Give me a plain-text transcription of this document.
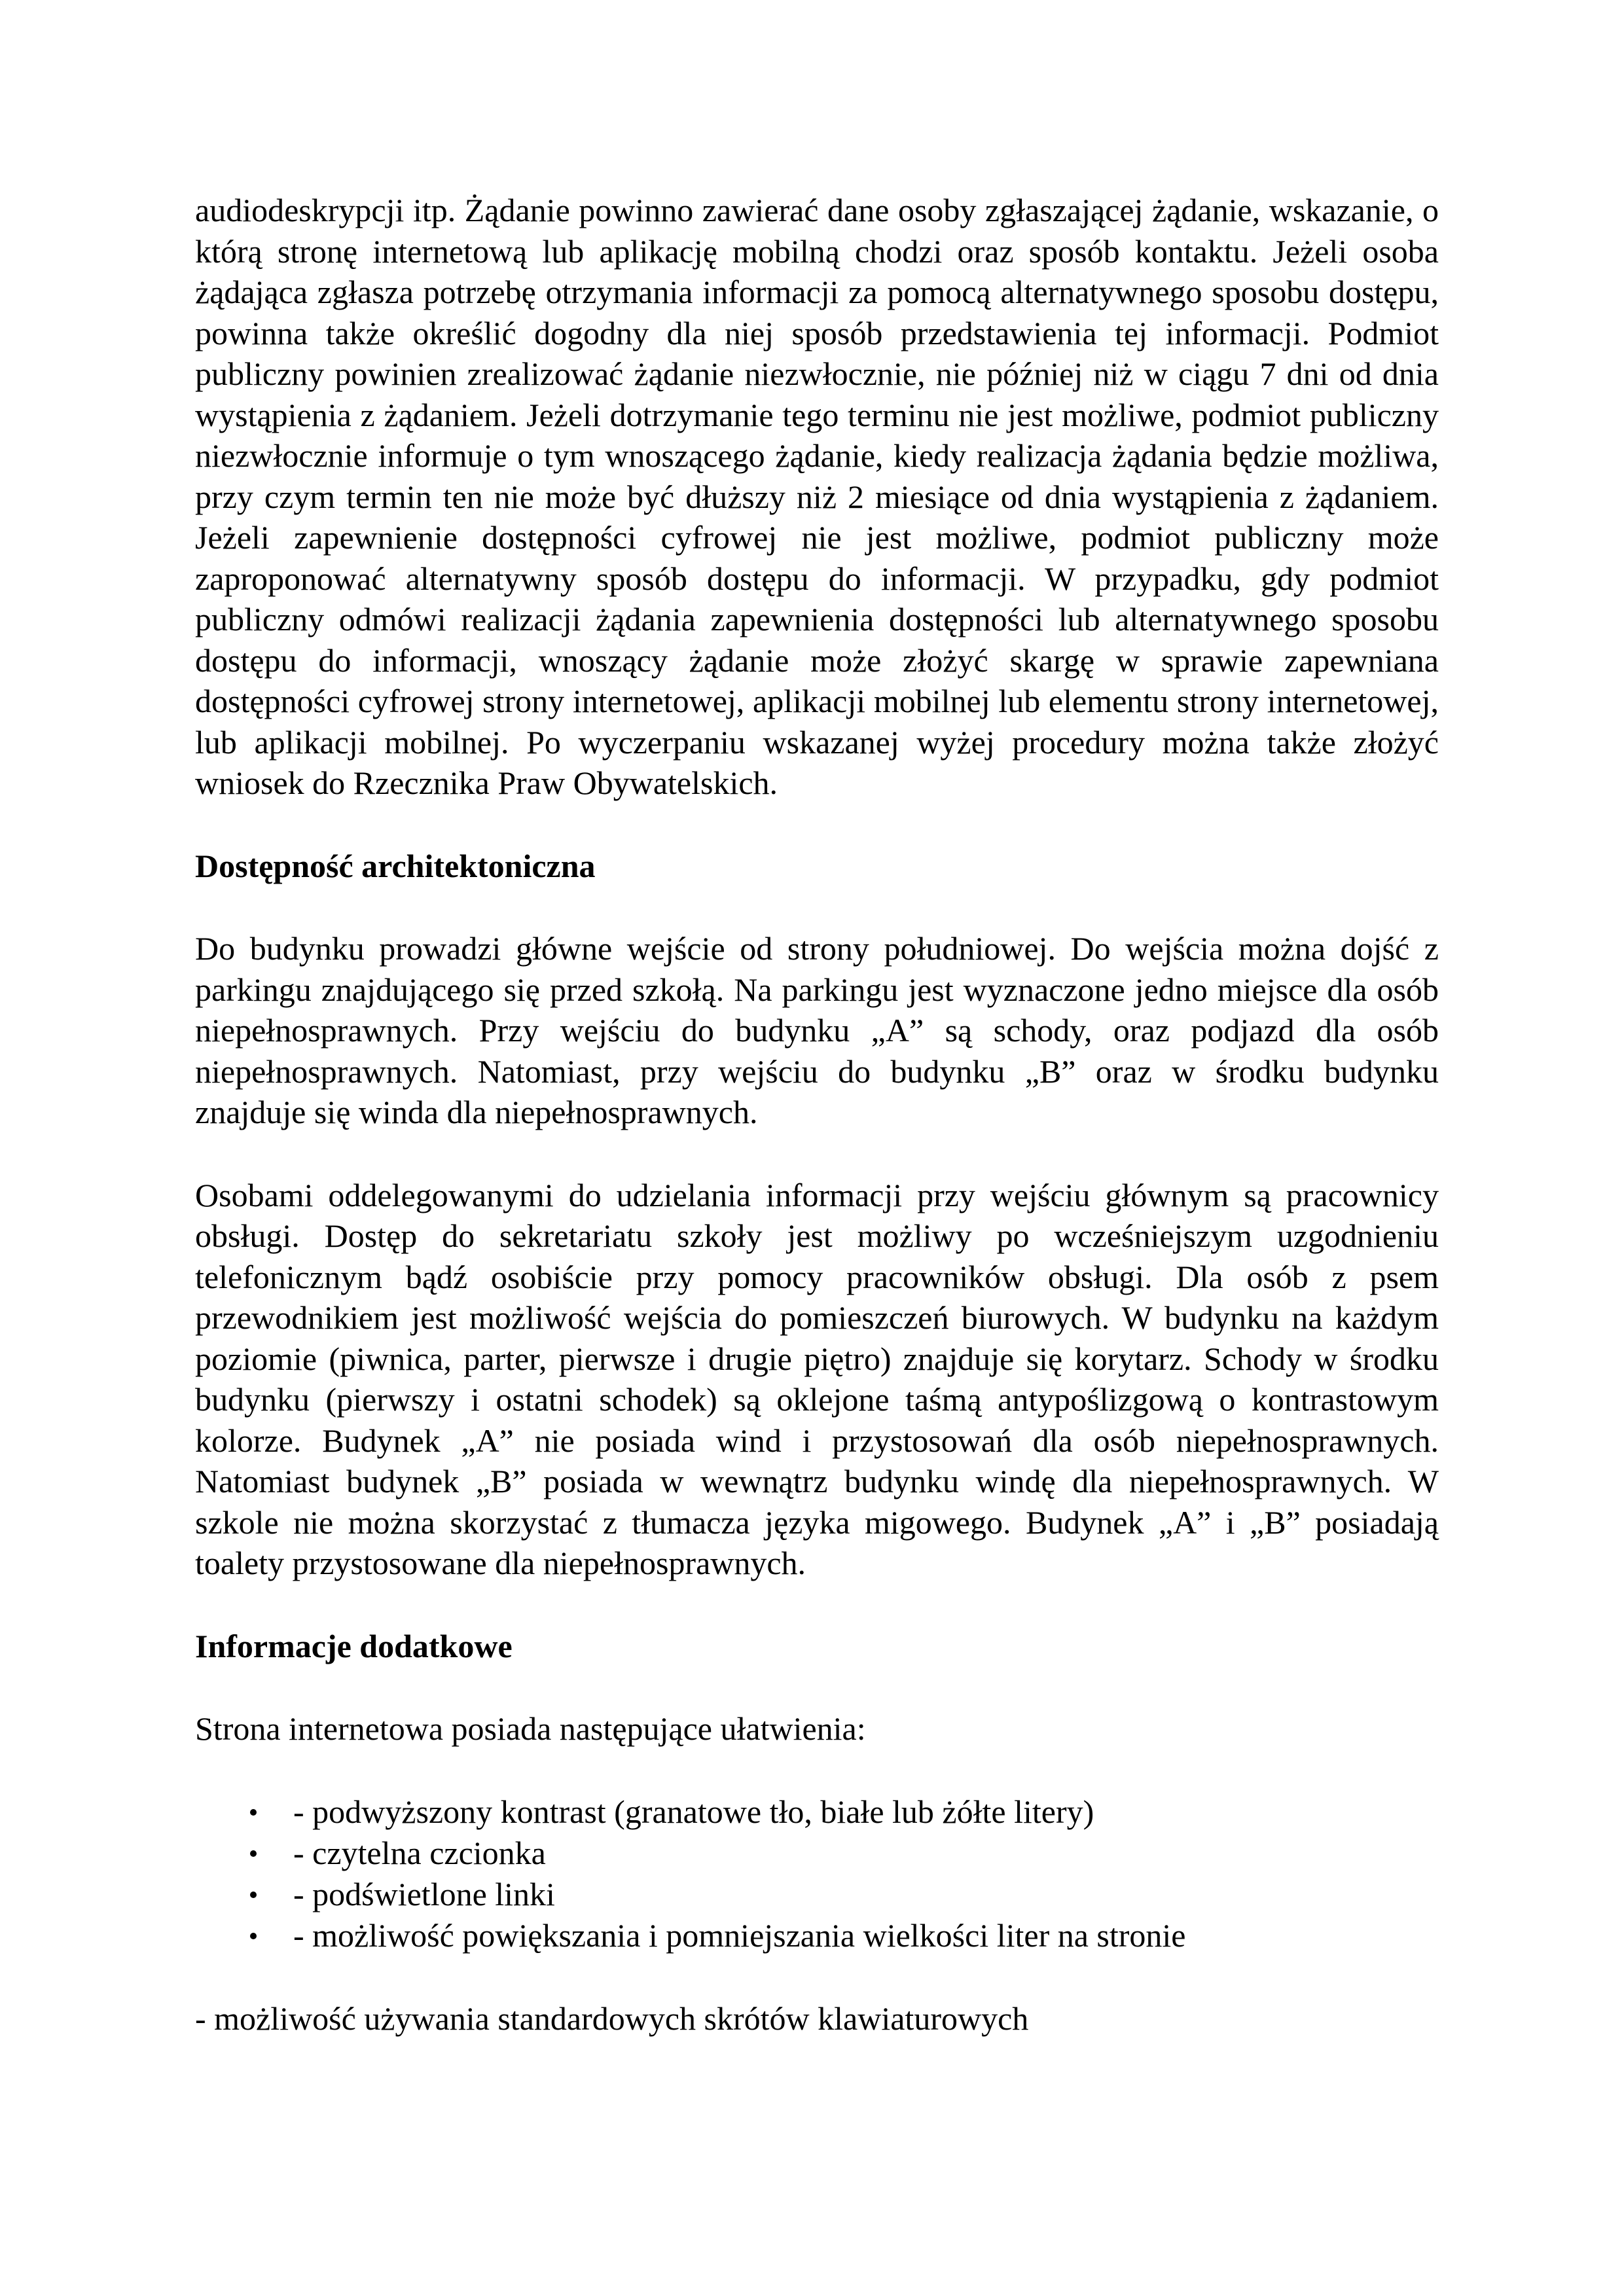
audiodeskrypcji itp. Żądanie powinno zawierać dane osoby zgłaszającej żądanie, wskazanie, o którą stronę internetową lub aplikację mobilną chodzi oraz sposób kontaktu. Jeżeli osoba żądająca zgłasza potrzebę otrzymania informacji za pomocą alternatywnego sposobu dostępu, powinna także określić dogodny dla niej sposób przedstawienia tej informacji. Podmiot publiczny powinien zrealizować żądanie niezwłocznie, nie później niż w ciągu 7 dni od dnia wystąpienia z żądaniem. Jeżeli dotrzymanie tego terminu nie jest możliwe, podmiot publiczny niezwłocznie informuje o tym wnoszącego żądanie, kiedy realizacja żądania będzie możliwa, przy czym termin ten nie może być dłuższy niż 2 miesiące od dnia wystąpienia z żądaniem. Jeżeli zapewnienie dostępności cyfrowej nie jest możliwe, podmiot publiczny może zaproponować alternatywny sposób dostępu do informacji. W przypadku, gdy podmiot publiczny odmówi realizacji żądania zapewnienia dostępności lub alternatywnego sposobu dostępu do informacji, wnoszący żądanie może złożyć skargę w sprawie zapewniana dostępności cyfrowej strony internetowej, aplikacji mobilnej lub elementu strony internetowej, lub aplikacji mobilnej. Po wyczerpaniu wskazanej wyżej procedury można także złożyć wniosek do Rzecznika Praw Obywatelskich.

Dostępność architektoniczna

Do budynku prowadzi główne wejście od strony południowej. Do wejścia można dojść z parkingu znajdującego się przed szkołą. Na parkingu jest wyznaczone jedno miejsce dla osób niepełnosprawnych. Przy wejściu do budynku „A” są schody, oraz podjazd dla osób niepełnosprawnych. Natomiast, przy wejściu do budynku „B” oraz w środku budynku znajduje się winda dla niepełnosprawnych.

Osobami oddelegowanymi do udzielania informacji przy wejściu głównym są pracownicy obsługi. Dostęp do sekretariatu szkoły jest możliwy po wcześniejszym uzgodnieniu telefonicznym bądź osobiście przy pomocy pracowników obsługi. Dla osób z psem przewodnikiem jest możliwość wejścia do pomieszczeń biurowych. W budynku na każdym poziomie (piwnica, parter, pierwsze i drugie piętro) znajduje się korytarz. Schody w środku budynku (pierwszy i ostatni schodek) są oklejone taśmą antypoślizgową o kontrastowym kolorze. Budynek „A” nie posiada wind i przystosowań dla osób niepełnosprawnych. Natomiast budynek „B” posiada w wewnątrz budynku windę dla niepełnosprawnych. W szkole nie można skorzystać z tłumacza języka migowego. Budynek „A” i „B” posiadają toalety przystosowane dla niepełnosprawnych.

Informacje dodatkowe

Strona internetowa posiada następujące ułatwienia:

- podwyższony kontrast (granatowe tło, białe lub żółte litery)
- czytelna czcionka
- podświetlone linki
- możliwość powiększania i pomniejszania wielkości liter na stronie

- możliwość używania standardowych skrótów klawiaturowych
